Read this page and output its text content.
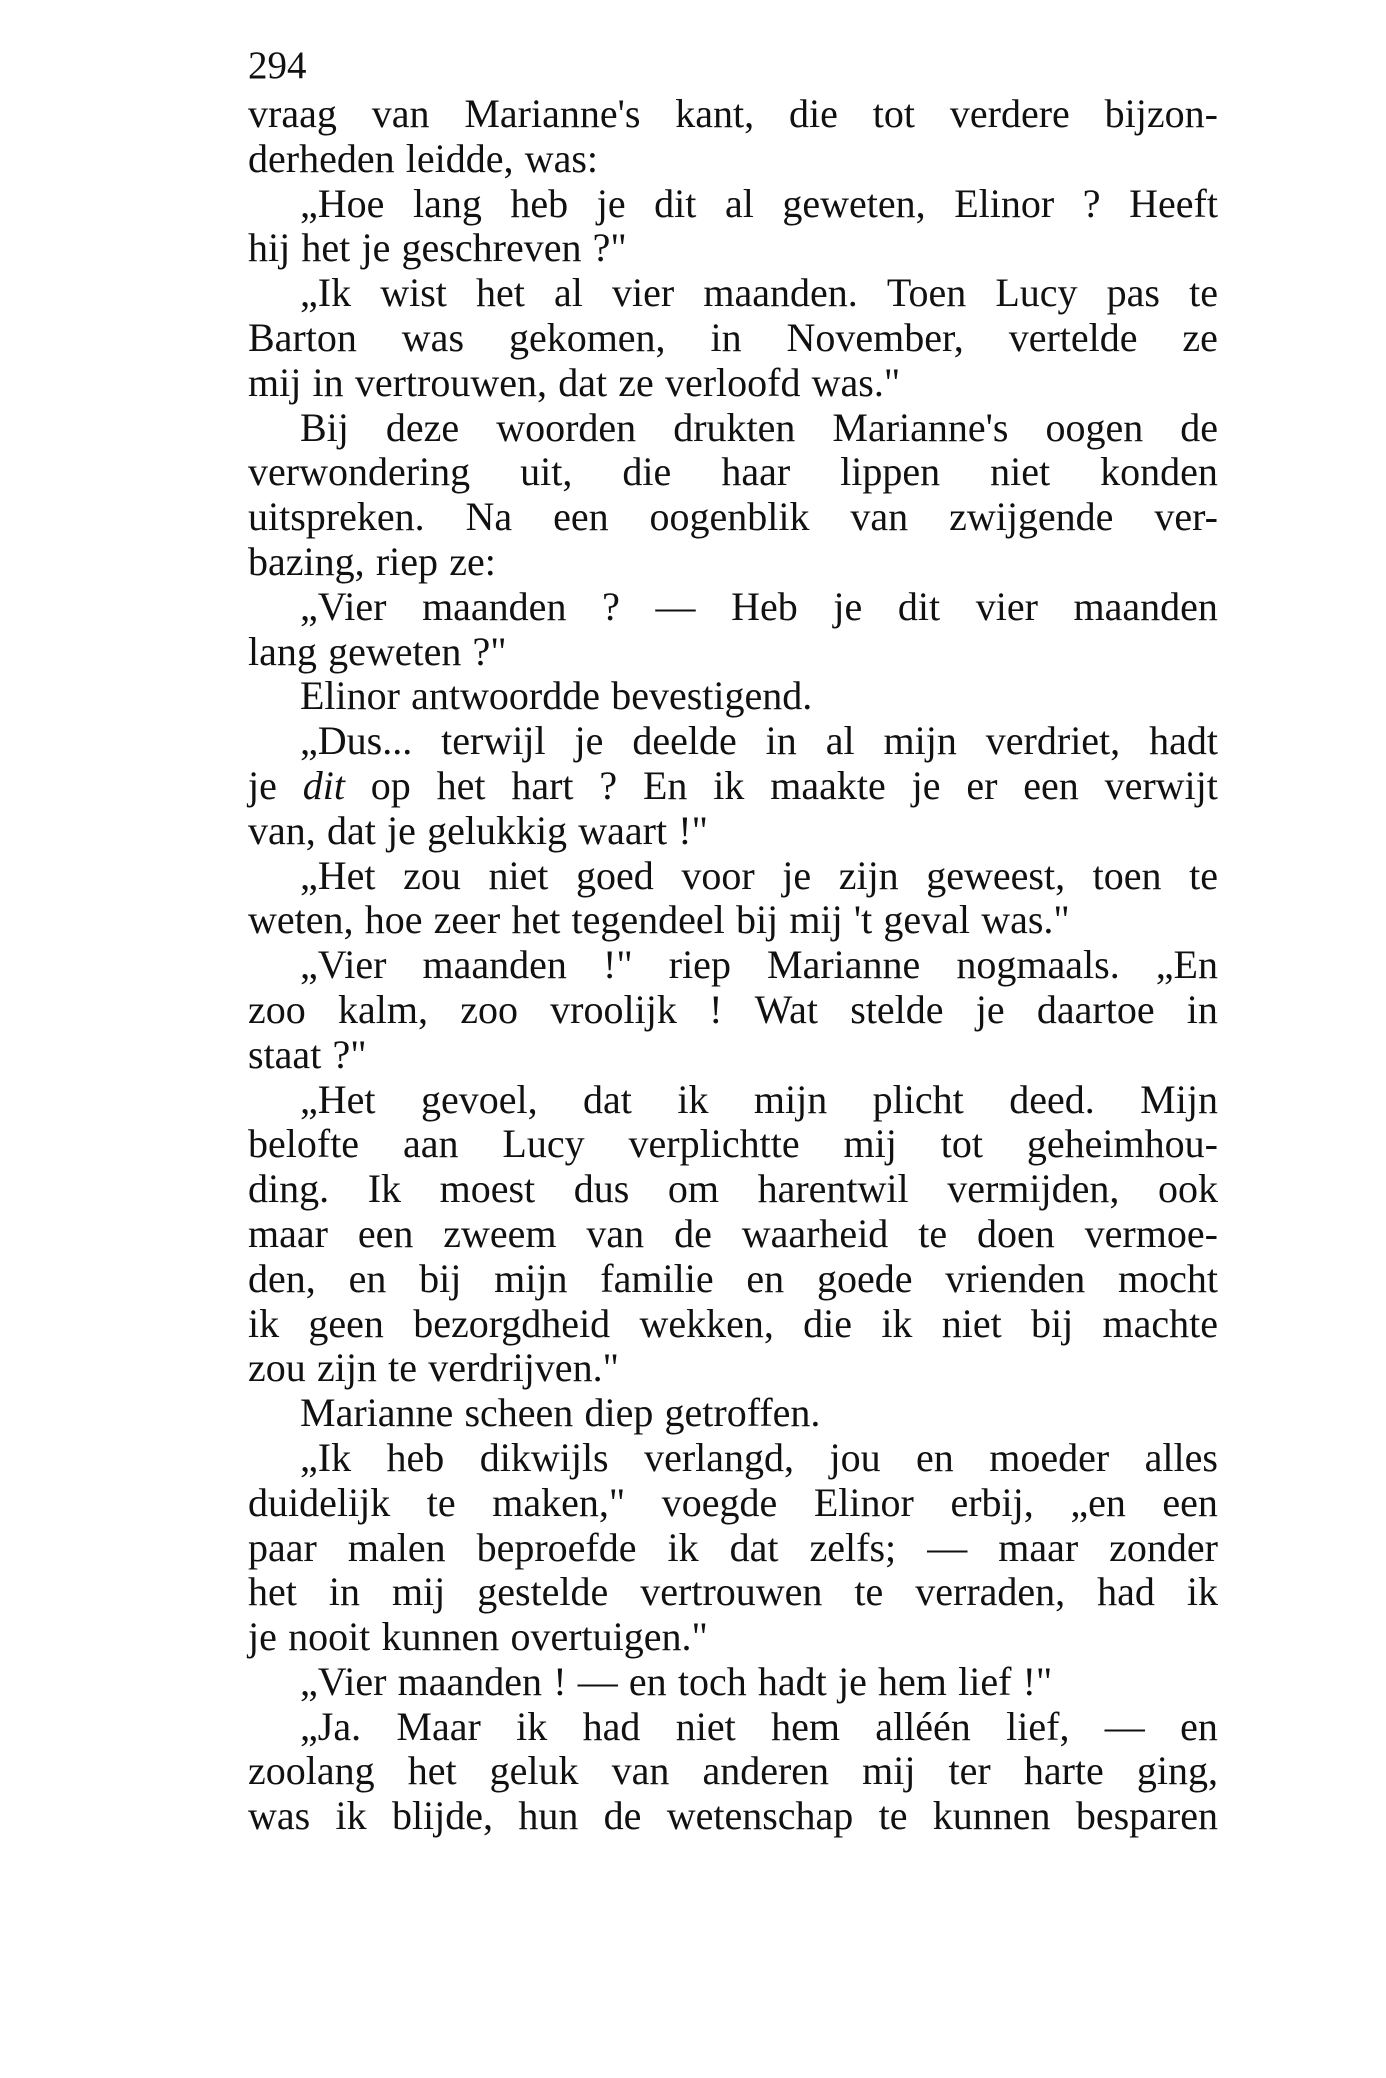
294

vraag van Marianne's kant, die tot verdere bijzon-

derheden leidde, was:

„Hoe lang heb je dit al geweten, Elinor ? Heeft

hij het je geschreven ?"

„Ik wist het al vier maanden. Toen Lucy pas te

Barton was gekomen, in November, vertelde ze

mij in vertrouwen, dat ze verloofd was."

Bij deze woorden drukten Marianne's oogen de

verwondering uit, die haar lippen niet konden

uitspreken. Na een oogenblik van zwijgende ver-

bazing, riep ze:

„Vier maanden ? — Heb je dit vier maanden

lang geweten ?"

Elinor antwoordde bevestigend.

„Dus... terwijl je deelde in al mijn verdriet, hadt

je dit op het hart ? En ik maakte je er een verwijt

van, dat je gelukkig waart !"

„Het zou niet goed voor je zijn geweest, toen te

weten, hoe zeer het tegendeel bij mij 't geval was."

„Vier maanden !" riep Marianne nogmaals. „En

zoo kalm, zoo vroolijk ! Wat stelde je daartoe in

staat ?"

„Het gevoel, dat ik mijn plicht deed. Mijn

belofte aan Lucy verplichtte mij tot geheimhou-

ding. Ik moest dus om harentwil vermijden, ook

maar een zweem van de waarheid te doen vermoe-

den, en bij mijn familie en goede vrienden mocht

ik geen bezorgdheid wekken, die ik niet bij machte

zou zijn te verdrijven."

Marianne scheen diep getroffen.

„Ik heb dikwijls verlangd, jou en moeder alles

duidelijk te maken," voegde Elinor erbij, „en een

paar malen beproefde ik dat zelfs; — maar zonder

het in mij gestelde vertrouwen te verraden, had ik

je nooit kunnen overtuigen."

„Vier maanden ! — en toch hadt je hem lief !"

„Ja. Maar ik had niet hem alléén lief, — en

zoolang het geluk van anderen mij ter harte ging,

was ik blijde, hun de wetenschap te kunnen besparen
